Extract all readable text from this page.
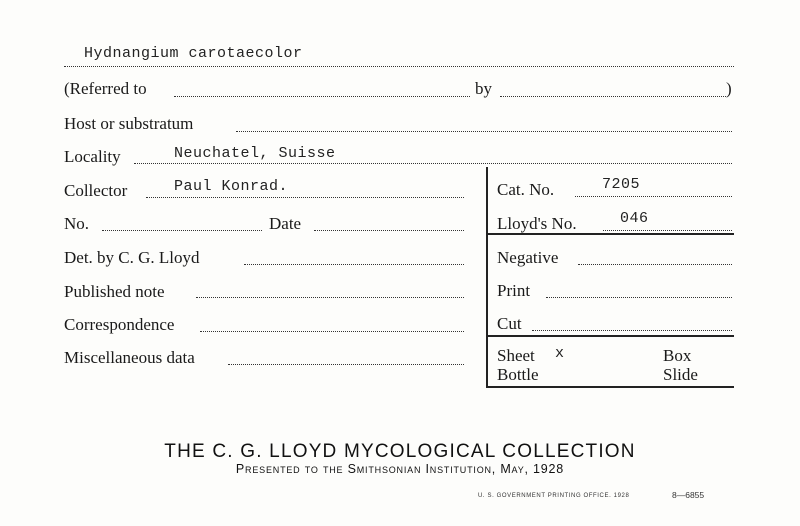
Hydnangium carotaecolor
(Referred to	by	)
Host or substratum
Locality	Neuchatel, Suisse
Collector	Paul Konrad.
No.	Date
Det. by C. G. Lloyd
Published note
Correspondence
Miscellaneous data
Cat. No.	7205
Lloyd's No.	046
Negative
Print
Cut
Sheet x	Box
Bottle	Slide
THE C. G. LLOYD MYCOLOGICAL COLLECTION
Presented to the Smithsonian Institution, May, 1928
U. S. GOVERNMENT PRINTING OFFICE. 1928	8—6855
